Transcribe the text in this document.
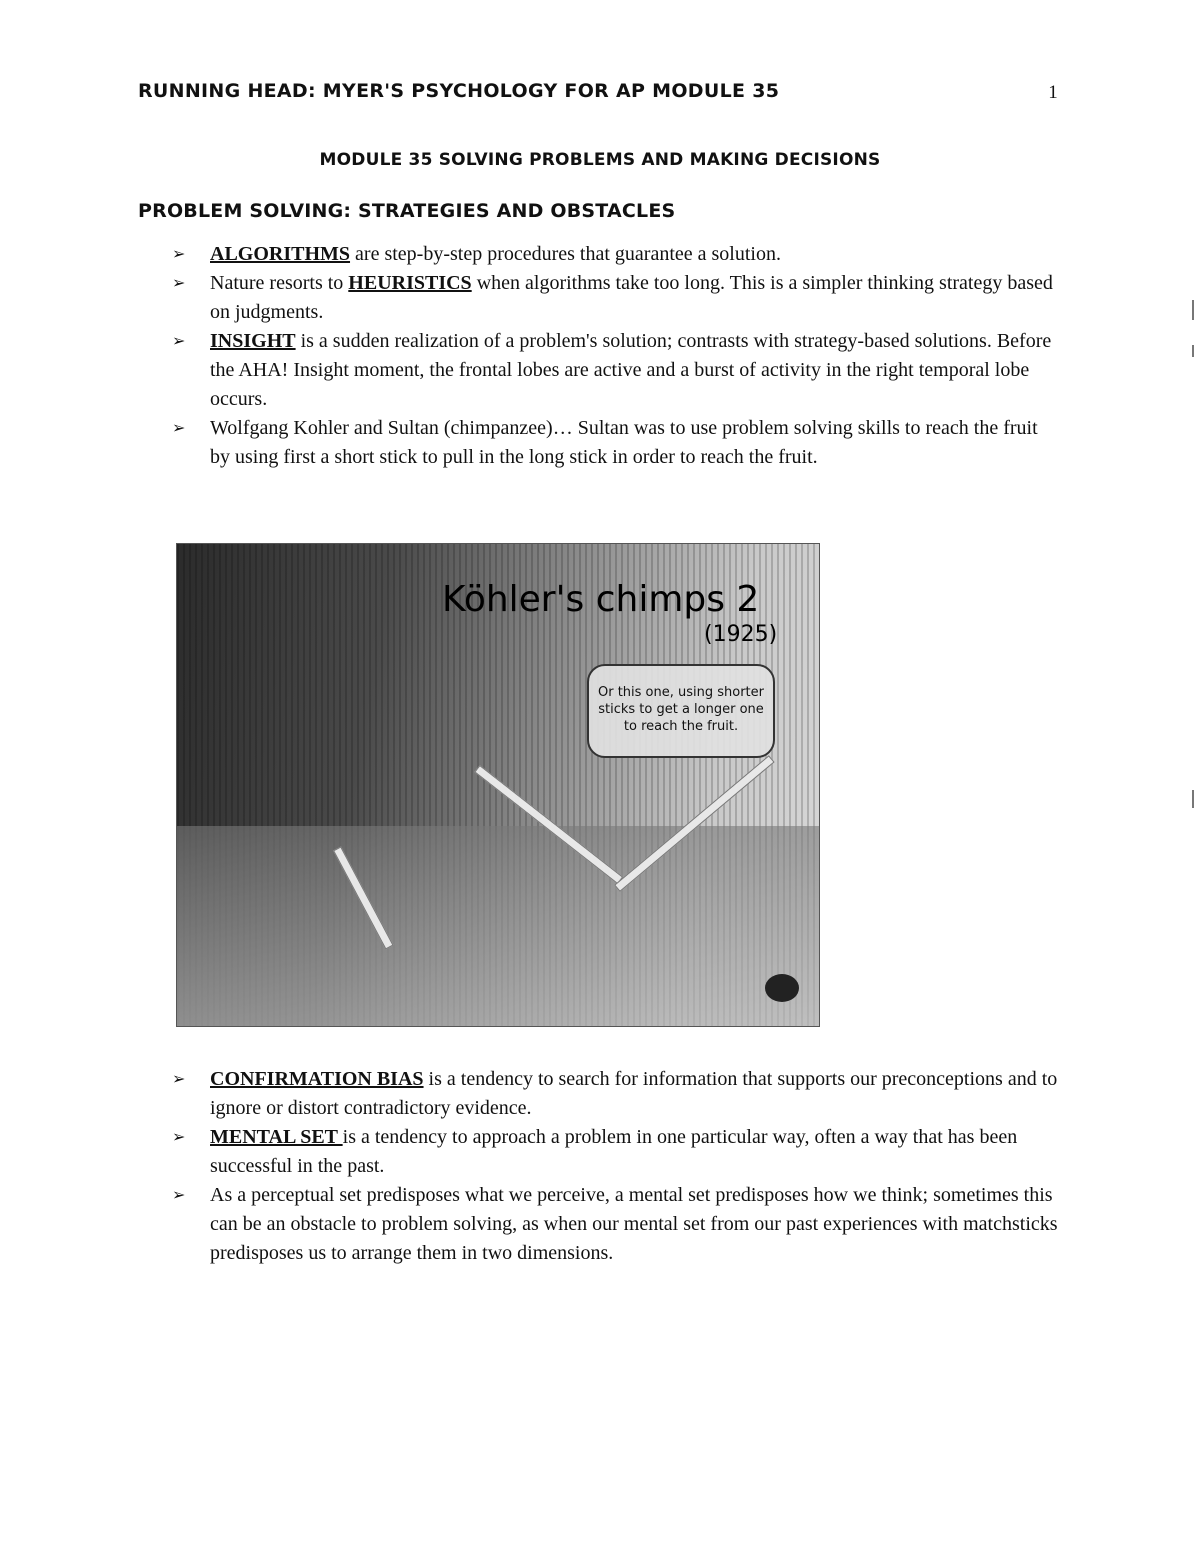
RUNNING HEAD: MYER'S PSYCHOLOGY FOR AP MODULE 35	1
MODULE 35 SOLVING PROBLEMS AND MAKING DECISIONS
PROBLEM SOLVING: STRATEGIES AND OBSTACLES
➢ ALGORITHMS are step-by-step procedures that guarantee a solution.
➢ Nature resorts to HEURISTICS when algorithms take too long. This is a simpler thinking strategy based on judgments.
➢ INSIGHT is a sudden realization of a problem's solution; contrasts with strategy-based solutions. Before the AHA! Insight moment, the frontal lobes are active and a burst of activity in the right temporal lobe occurs.
➢ Wolfgang Kohler and Sultan (chimpanzee)… Sultan was to use problem solving skills to reach the fruit by using first a short stick to pull in the long stick in order to reach the fruit.
Köhler's chimps 2
(1925)
Or this one, using shorter sticks to get a longer one to reach the fruit.
➢ CONFIRMATION BIAS is a tendency to search for information that supports our preconceptions and to ignore or distort contradictory evidence.
➢ MENTAL SET is a tendency to approach a problem in one particular way, often a way that has been successful in the past.
➢ As a perceptual set predisposes what we perceive, a mental set predisposes how we think; sometimes this can be an obstacle to problem solving, as when our mental set from our past experiences with matchsticks predisposes us to arrange them in two dimensions.
